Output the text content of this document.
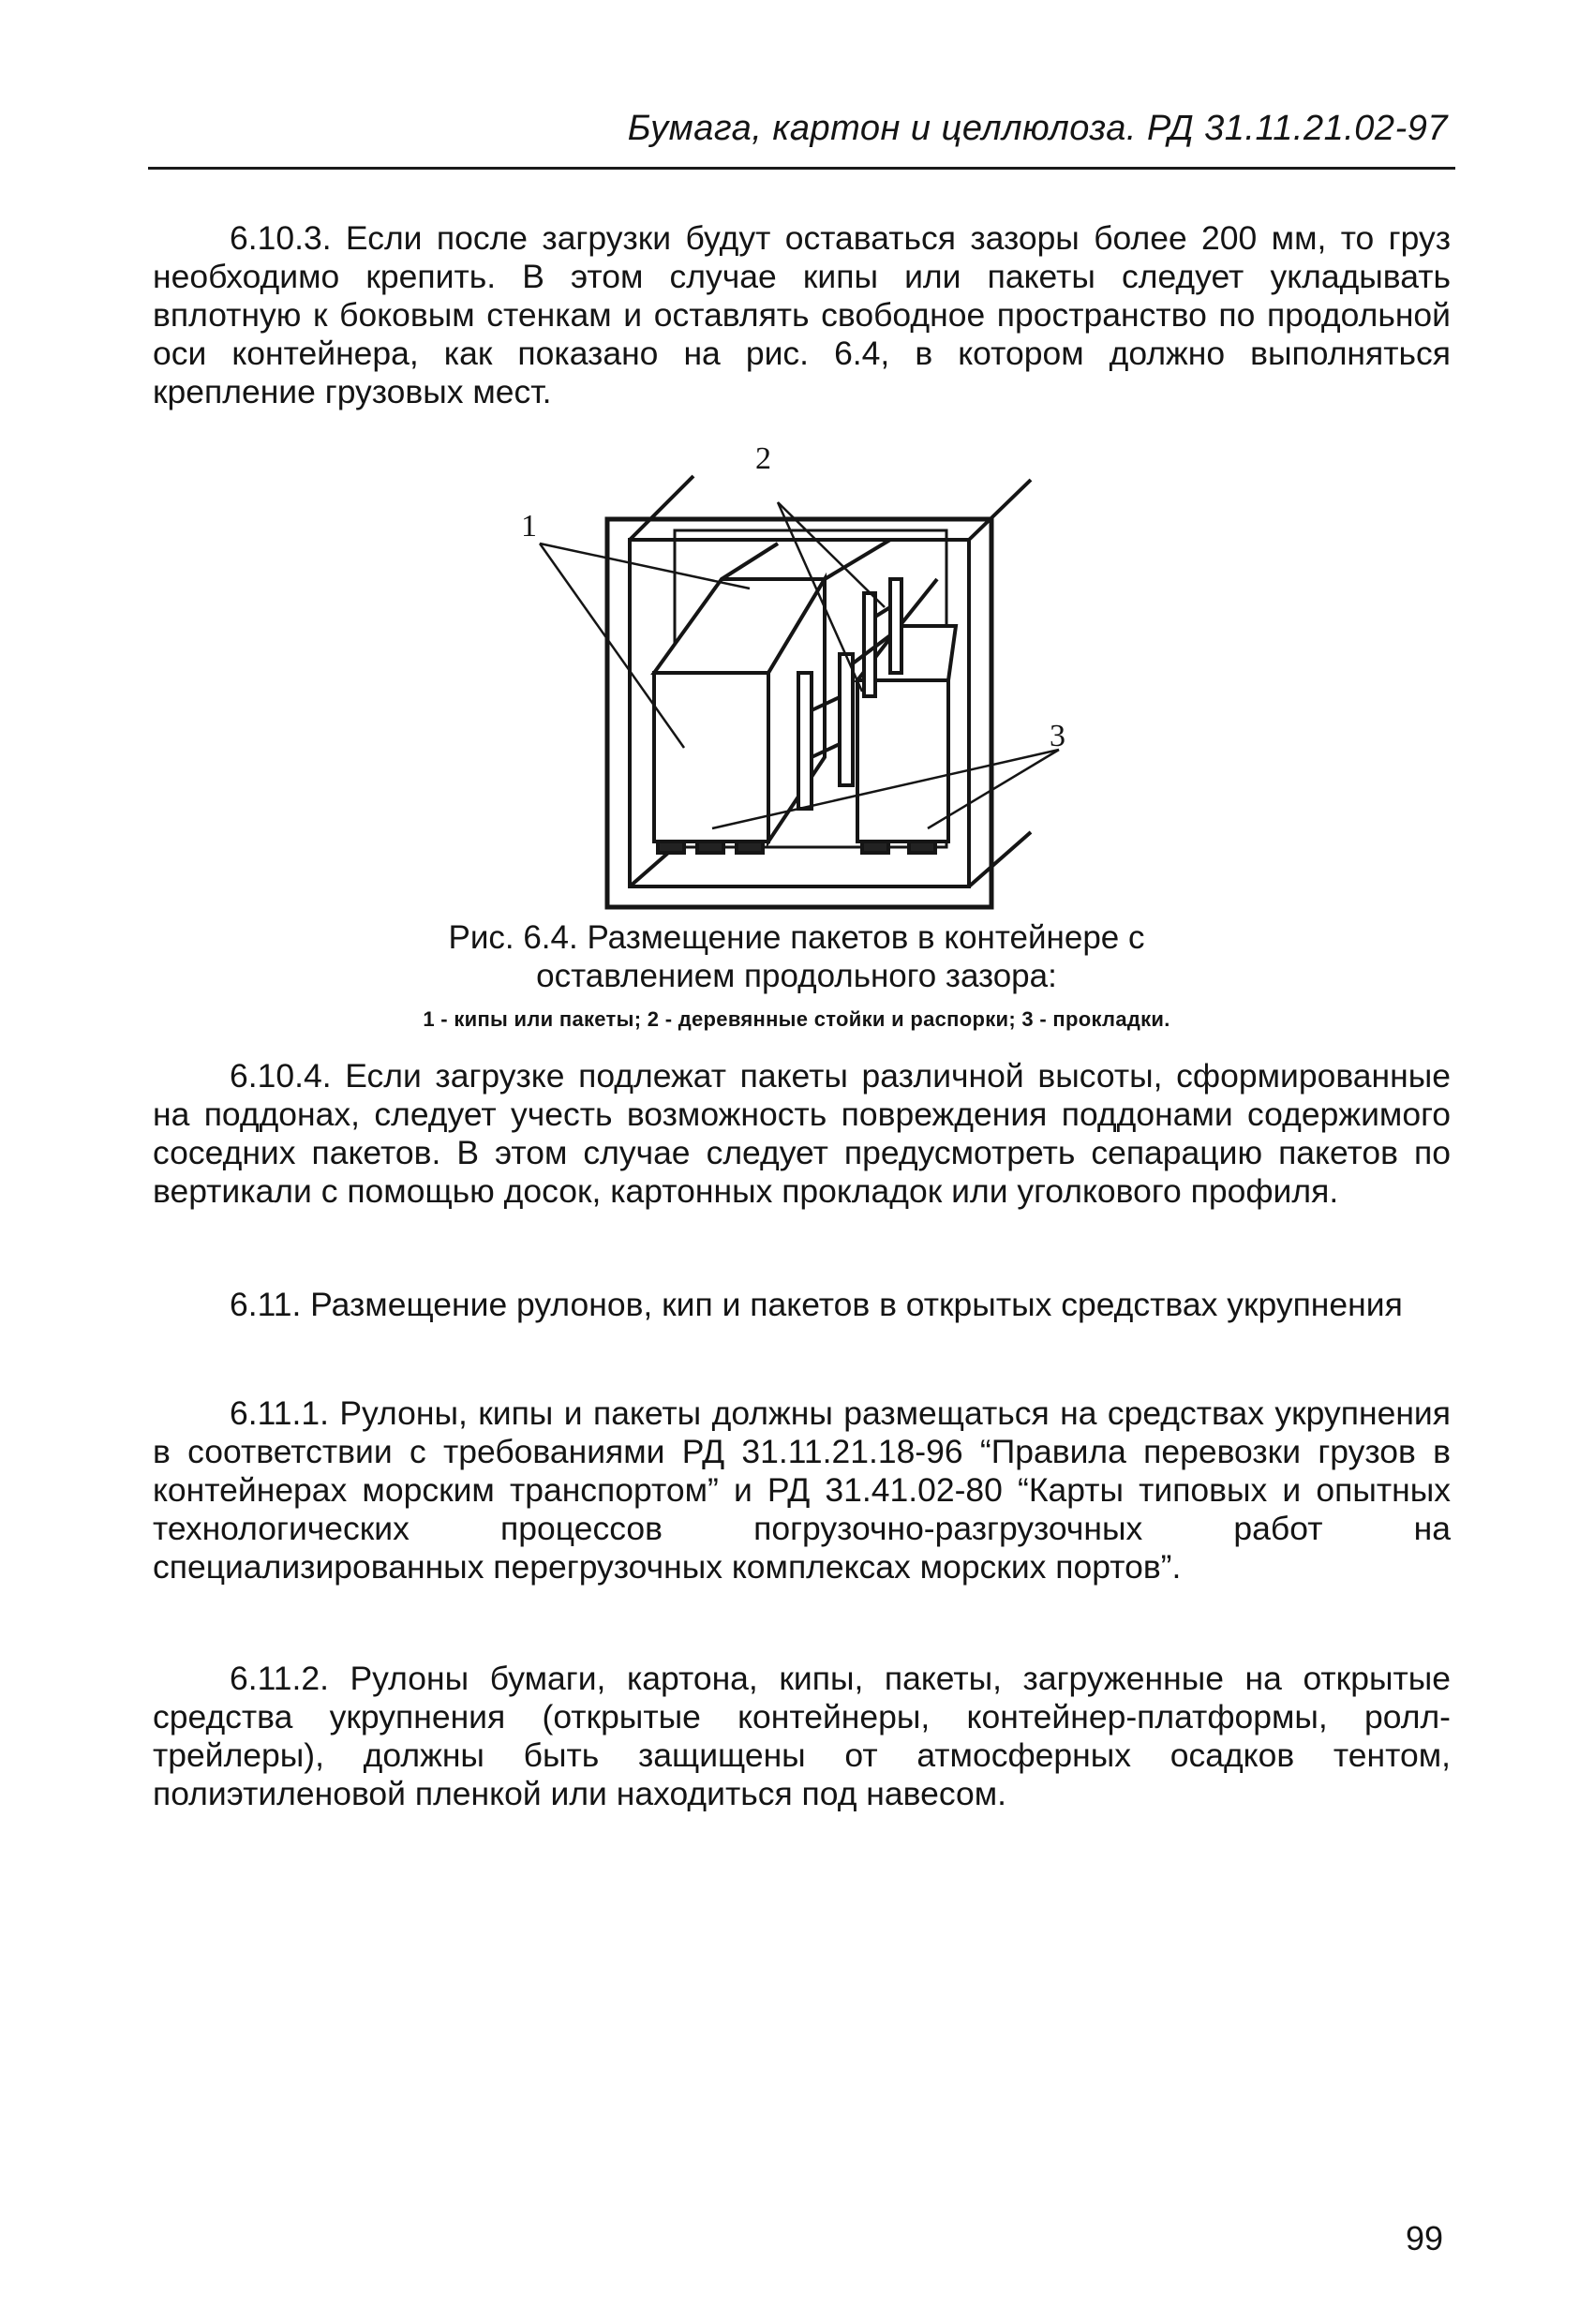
Бумага, картон и целлюлоза. РД 31.11.21.02-97

6.10.3. Если после загрузки будут оставаться зазоры более 200 мм, то груз необходимо крепить. В этом случае кипы или пакеты следует укладывать вплотную к боковым стенкам и оставлять свободное пространство по продольной оси контейнера, как показано на рис. 6.4, в котором должно выполняться крепление грузовых мест.

1
2
3
Рис. 6.4. Размещение пакетов в контейнере с
оставлением продольного зазора:
1 - кипы или пакеты; 2 - деревянные стойки и распорки; 3 - прокладки.

6.10.4. Если загрузке подлежат пакеты различной высоты, сформированные на поддонах, следует учесть возможность повреждения поддонами содержимого соседних пакетов. В этом случае следует предусмотреть сепарацию пакетов по вертикали с помощью досок, картонных прокладок или уголкового профиля.

6.11. Размещение рулонов, кип и пакетов в открытых средствах укрупнения

6.11.1. Рулоны, кипы и пакеты должны размещаться на средствах укрупнения в соответствии с требованиями РД 31.11.21.18-96 “Правила перевозки грузов в контейнерах морским транспортом” и РД 31.41.02-80 “Карты типовых и опытных технологических процессов погрузочно-разгрузочных работ на специализированных перегрузочных комплексах морских портов”.

6.11.2. Рулоны бумаги, картона, кипы, пакеты, загруженные на открытые средства укрупнения (открытые контейнеры, контейнер-платформы, ролл-трейлеры), должны быть защищены от атмосферных осадков тентом, полиэтиленовой пленкой или находиться под навесом.

99
